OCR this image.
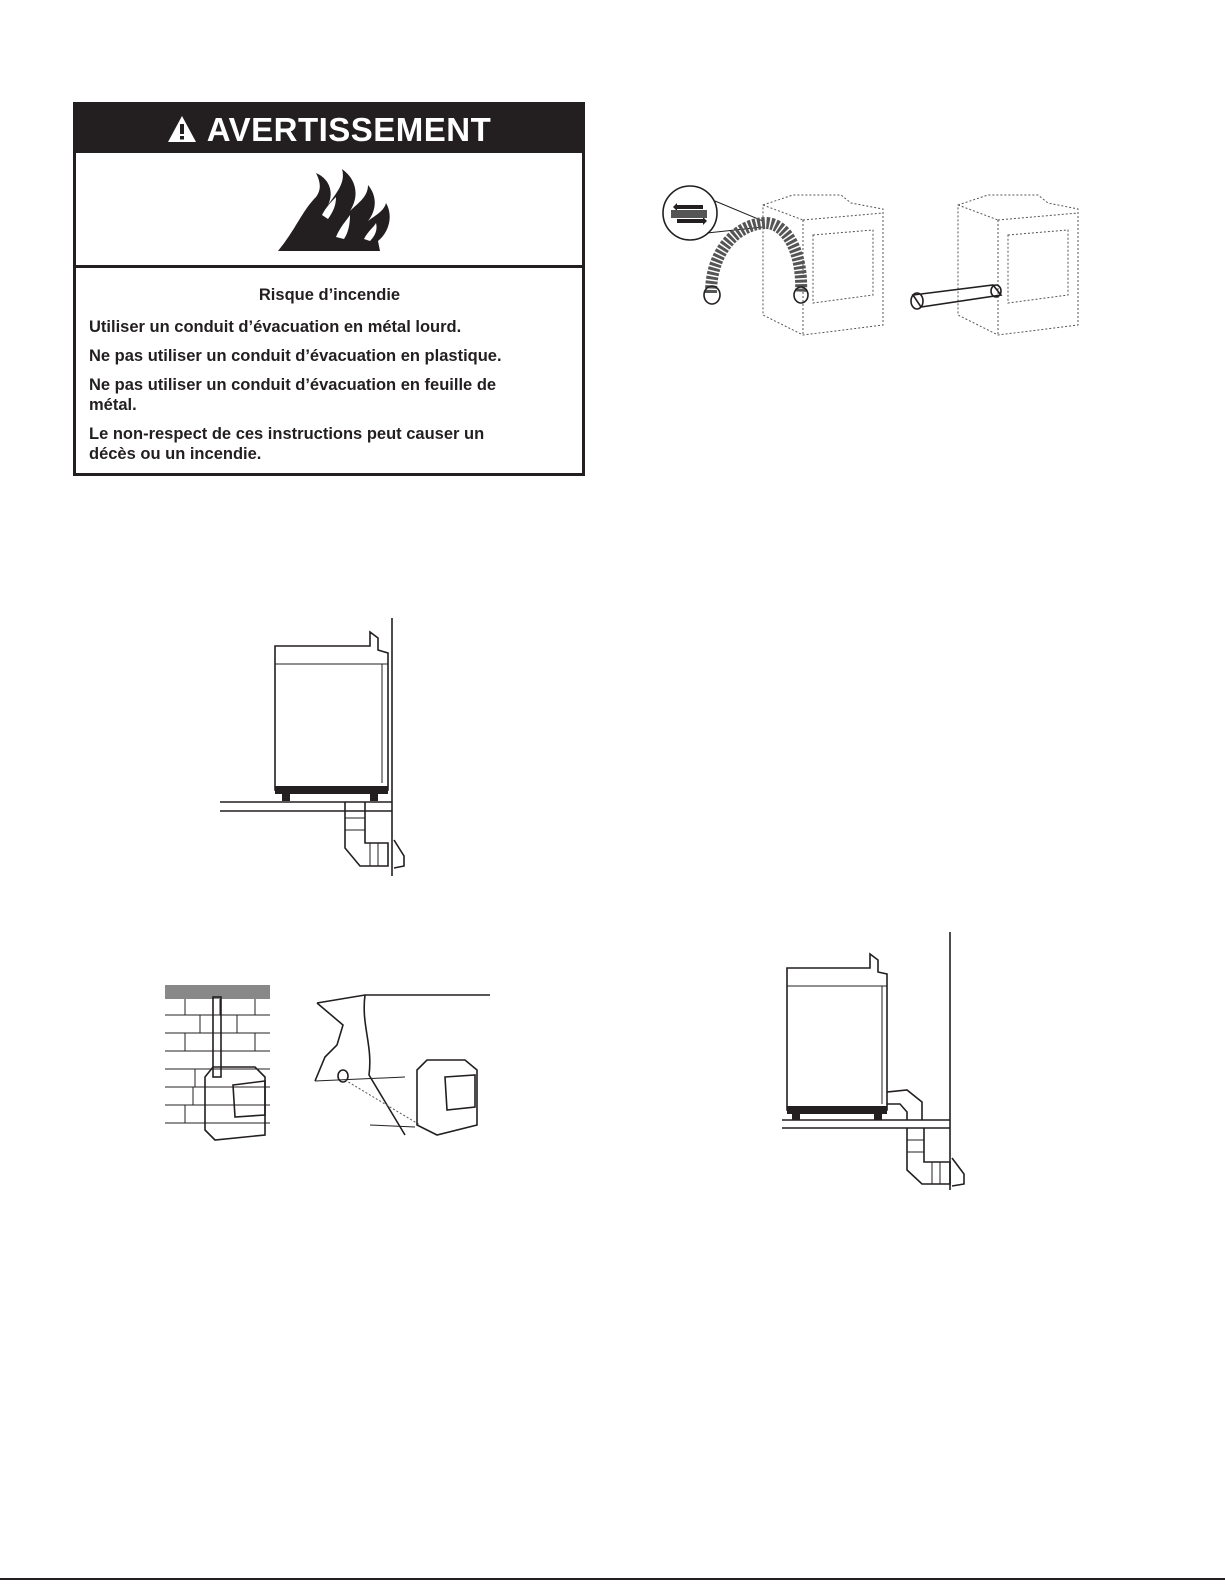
AVERTISSEMENT
Risque d’incendie
Utiliser un conduit d’évacuation en métal lourd.
Ne pas utiliser un conduit d’évacuation en plastique.
Ne pas utiliser un conduit d’évacuation en feuille de métal.
Le non-respect de ces instructions peut causer un décès ou un incendie.
